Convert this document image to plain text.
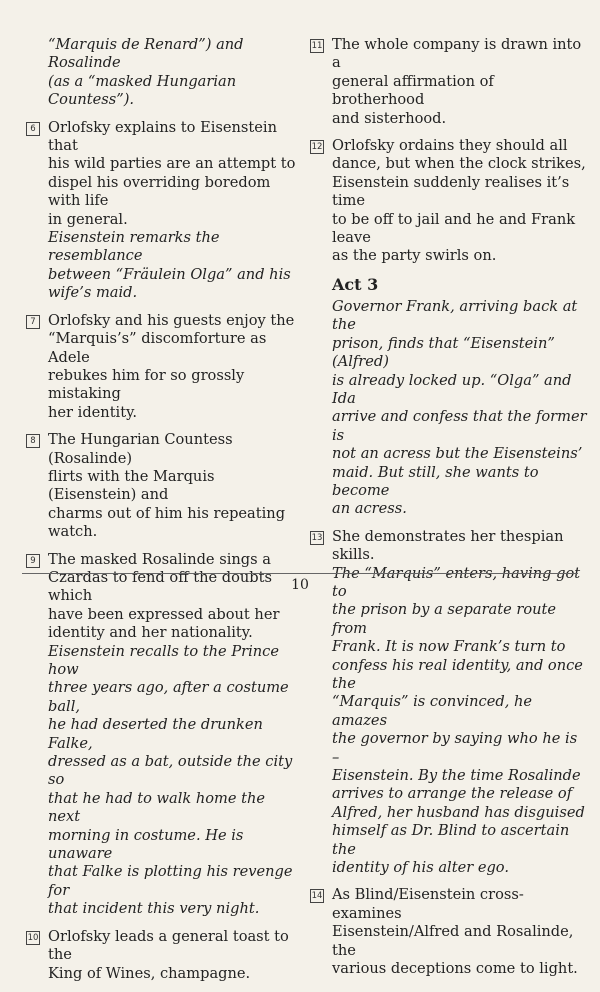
“Marquis de Renard”) and Rosalinde
(as a “masked Hungarian Countess”).
6 Orlofsky explains to Eisenstein that
his wild parties are an attempt to
dispel his overriding boredom with life
in general.
Eisenstein remarks the resemblance
between “Fräulein Olga” and his
wife’s maid.
7 Orlofsky and his guests enjoy the
“Marquis’s” discomforture as Adele
rebukes him for so grossly mistaking
her identity.
8 The Hungarian Countess (Rosalinde)
flirts with the Marquis (Eisenstein) and
charms out of him his repeating
watch.
9 The masked Rosalinde sings a
Czardas to fend off the doubts which
have been expressed about her
identity and her nationality.
Eisenstein recalls to the Prince how
three years ago, after a costume ball,
he had deserted the drunken Falke,
dressed as a bat, outside the city so
that he had to walk home the next
morning in costume. He is unaware
that Falke is plotting his revenge for
that incident this very night.
10 Orlofsky leads a general toast to the
King of Wines, champagne.
11 The whole company is drawn into a
general affirmation of brotherhood
and sisterhood.
12 Orlofsky ordains they should all
dance, but when the clock strikes,
Eisenstein suddenly realises it’s time
to be off to jail and he and Frank leave
as the party swirls on.
Act 3
Governor Frank, arriving back at the
prison, finds that “Eisenstein” (Alfred)
is already locked up. “Olga” and Ida
arrive and confess that the former is
not an acress but the Eisensteins’
maid. But still, she wants to become
an acress.
13 She demonstrates her thespian skills.
The “Marquis” enters, having got to
the prison by a separate route from
Frank. It is now Frank’s turn to
confess his real identity, and once the
“Marquis” is convinced, he amazes
the governor by saying who he is –
Eisenstein. By the time Rosalinde
arrives to arrange the release of
Alfred, her husband has disguised
himself as Dr. Blind to ascertain the
identity of his alter ego.
14 As Blind/Eisenstein cross-examines
Eisenstein/Alfred and Rosalinde, the
various deceptions come to light.
10
